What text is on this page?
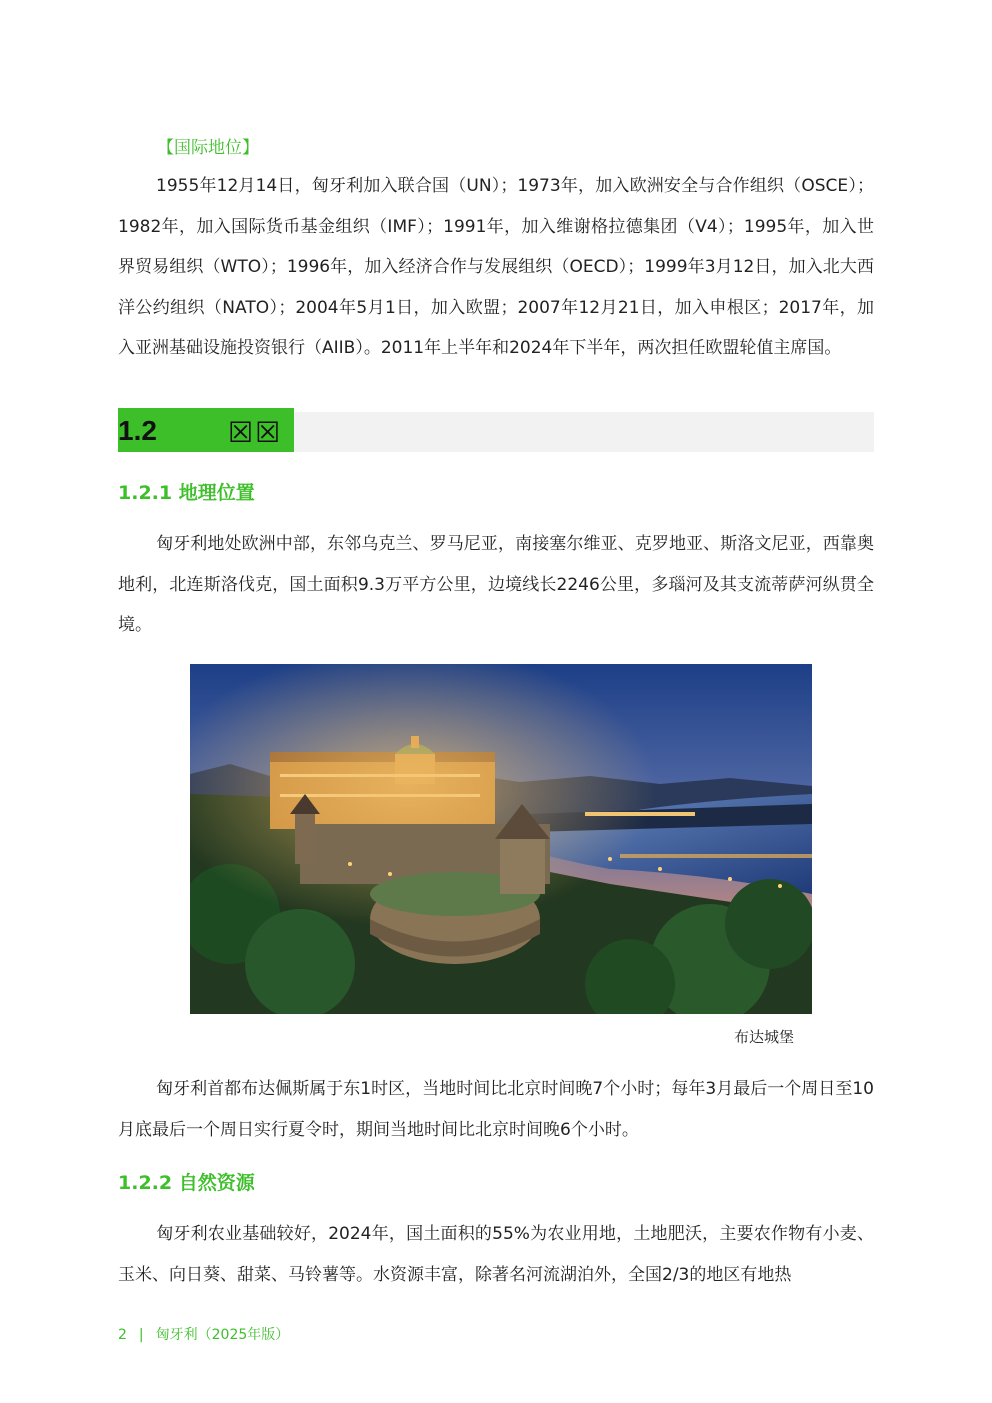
【国际地位】

1955年12月14日，匈牙利加入联合国（UN）；1973年，加入欧洲安全与合作组织（OSCE）；1982年，加入国际货币基金组织（IMF）；1991年，加入维谢格拉德集团（V4）；1995年，加入世界贸易组织（WTO）；1996年，加入经济合作与发展组织（OECD）；1999年3月12日，加入北大西洋公约组织（NATO）；2004年5月1日，加入欧盟；2007年12月21日，加入申根区；2017年，加入亚洲基础设施投资银行（AIIB）。2011年上半年和2024年下半年，两次担任欧盟轮值主席国。

1.2	☒☒
1.2.1 地理位置

匈牙利地处欧洲中部，东邻乌克兰、罗马尼亚，南接塞尔维亚、克罗地亚、斯洛文尼亚，西靠奥地利，北连斯洛伐克，国土面积9.3万平方公里，边境线长2246公里，多瑙河及其支流蒂萨河纵贯全境。

布达城堡

匈牙利首都布达佩斯属于东1时区，当地时间比北京时间晚7个小时；每年3月最后一个周日至10月底最后一个周日实行夏令时，期间当地时间比北京时间晚6个小时。

1.2.2 自然资源

匈牙利农业基础较好，2024年，国土面积的55%为农业用地，土地肥沃，主要农作物有小麦、玉米、向日葵、甜菜、马铃薯等。水资源丰富，除著名河流湖泊外，全国2/3的地区有地热

2 | 匈牙利（2025年版）
